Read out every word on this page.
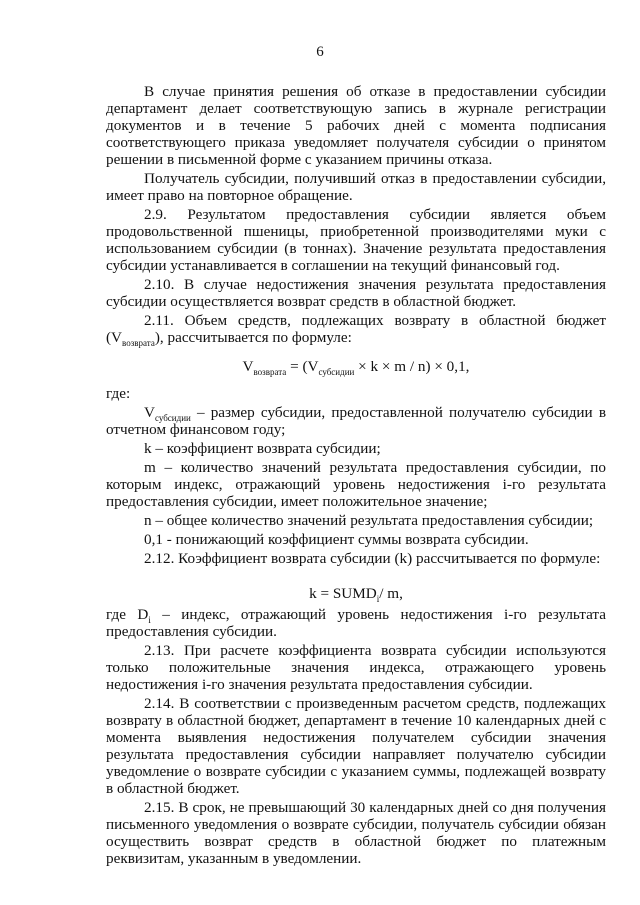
6

В случае принятия решения об отказе в предоставлении субсидии департамент делает соответствующую запись в журнале регистрации документов и в течение 5 рабочих дней с момента подписания соответствующего приказа уведомляет получателя субсидии о принятом решении в письменной форме с указанием причины отказа.

Получатель субсидии, получивший отказ в предоставлении субсидии, имеет право на повторное обращение.

2.9. Результатом предоставления субсидии является объем продовольственной пшеницы, приобретенной производителями муки с использованием субсидии (в тоннах). Значение результата предоставления субсидии устанавливается в соглашении на текущий финансовый год.

2.10. В случае недостижения значения результата предоставления субсидии осуществляется возврат средств в областной бюджет.

2.11. Объем средств, подлежащих возврату в областной бюджет $(V_{возврата})$, рассчитывается по формуле:

$V_{возврата} = (V_{субсидии} \times k \times m / n) \times 0,1$,

где:

$V_{субсидии}$ – размер субсидии, предоставленной получателю субсидии в отчетном финансовом году;

k – коэффициент возврата субсидии;

m – количество значений результата предоставления субсидии, по которым индекс, отражающий уровень недостижения i-го результата предоставления субсидии, имеет положительное значение;

n – общее количество значений результата предоставления субсидии;

0,1 - понижающий коэффициент суммы возврата субсидии.

2.12. Коэффициент возврата субсидии (k) рассчитывается по формуле:

$k = SUMD_i/$ m,

где $D_i$ – индекс, отражающий уровень недостижения i-го результата предоставления субсидии.

2.13. При расчете коэффициента возврата субсидии используются только положительные значения индекса, отражающего уровень недостижения i-го значения результата предоставления субсидии.

2.14. В соответствии с произведенным расчетом средств, подлежащих возврату в областной бюджет, департамент в течение 10 календарных дней с момента выявления недостижения получателем субсидии значения результата предоставления субсидии направляет получателю субсидии уведомление о возврате субсидии с указанием суммы, подлежащей возврату в областной бюджет.

2.15. В срок, не превышающий 30 календарных дней со дня получения письменного уведомления о возврате субсидии, получатель субсидии обязан осуществить возврат средств в областной бюджет по платежным реквизитам, указанным в уведомлении.
